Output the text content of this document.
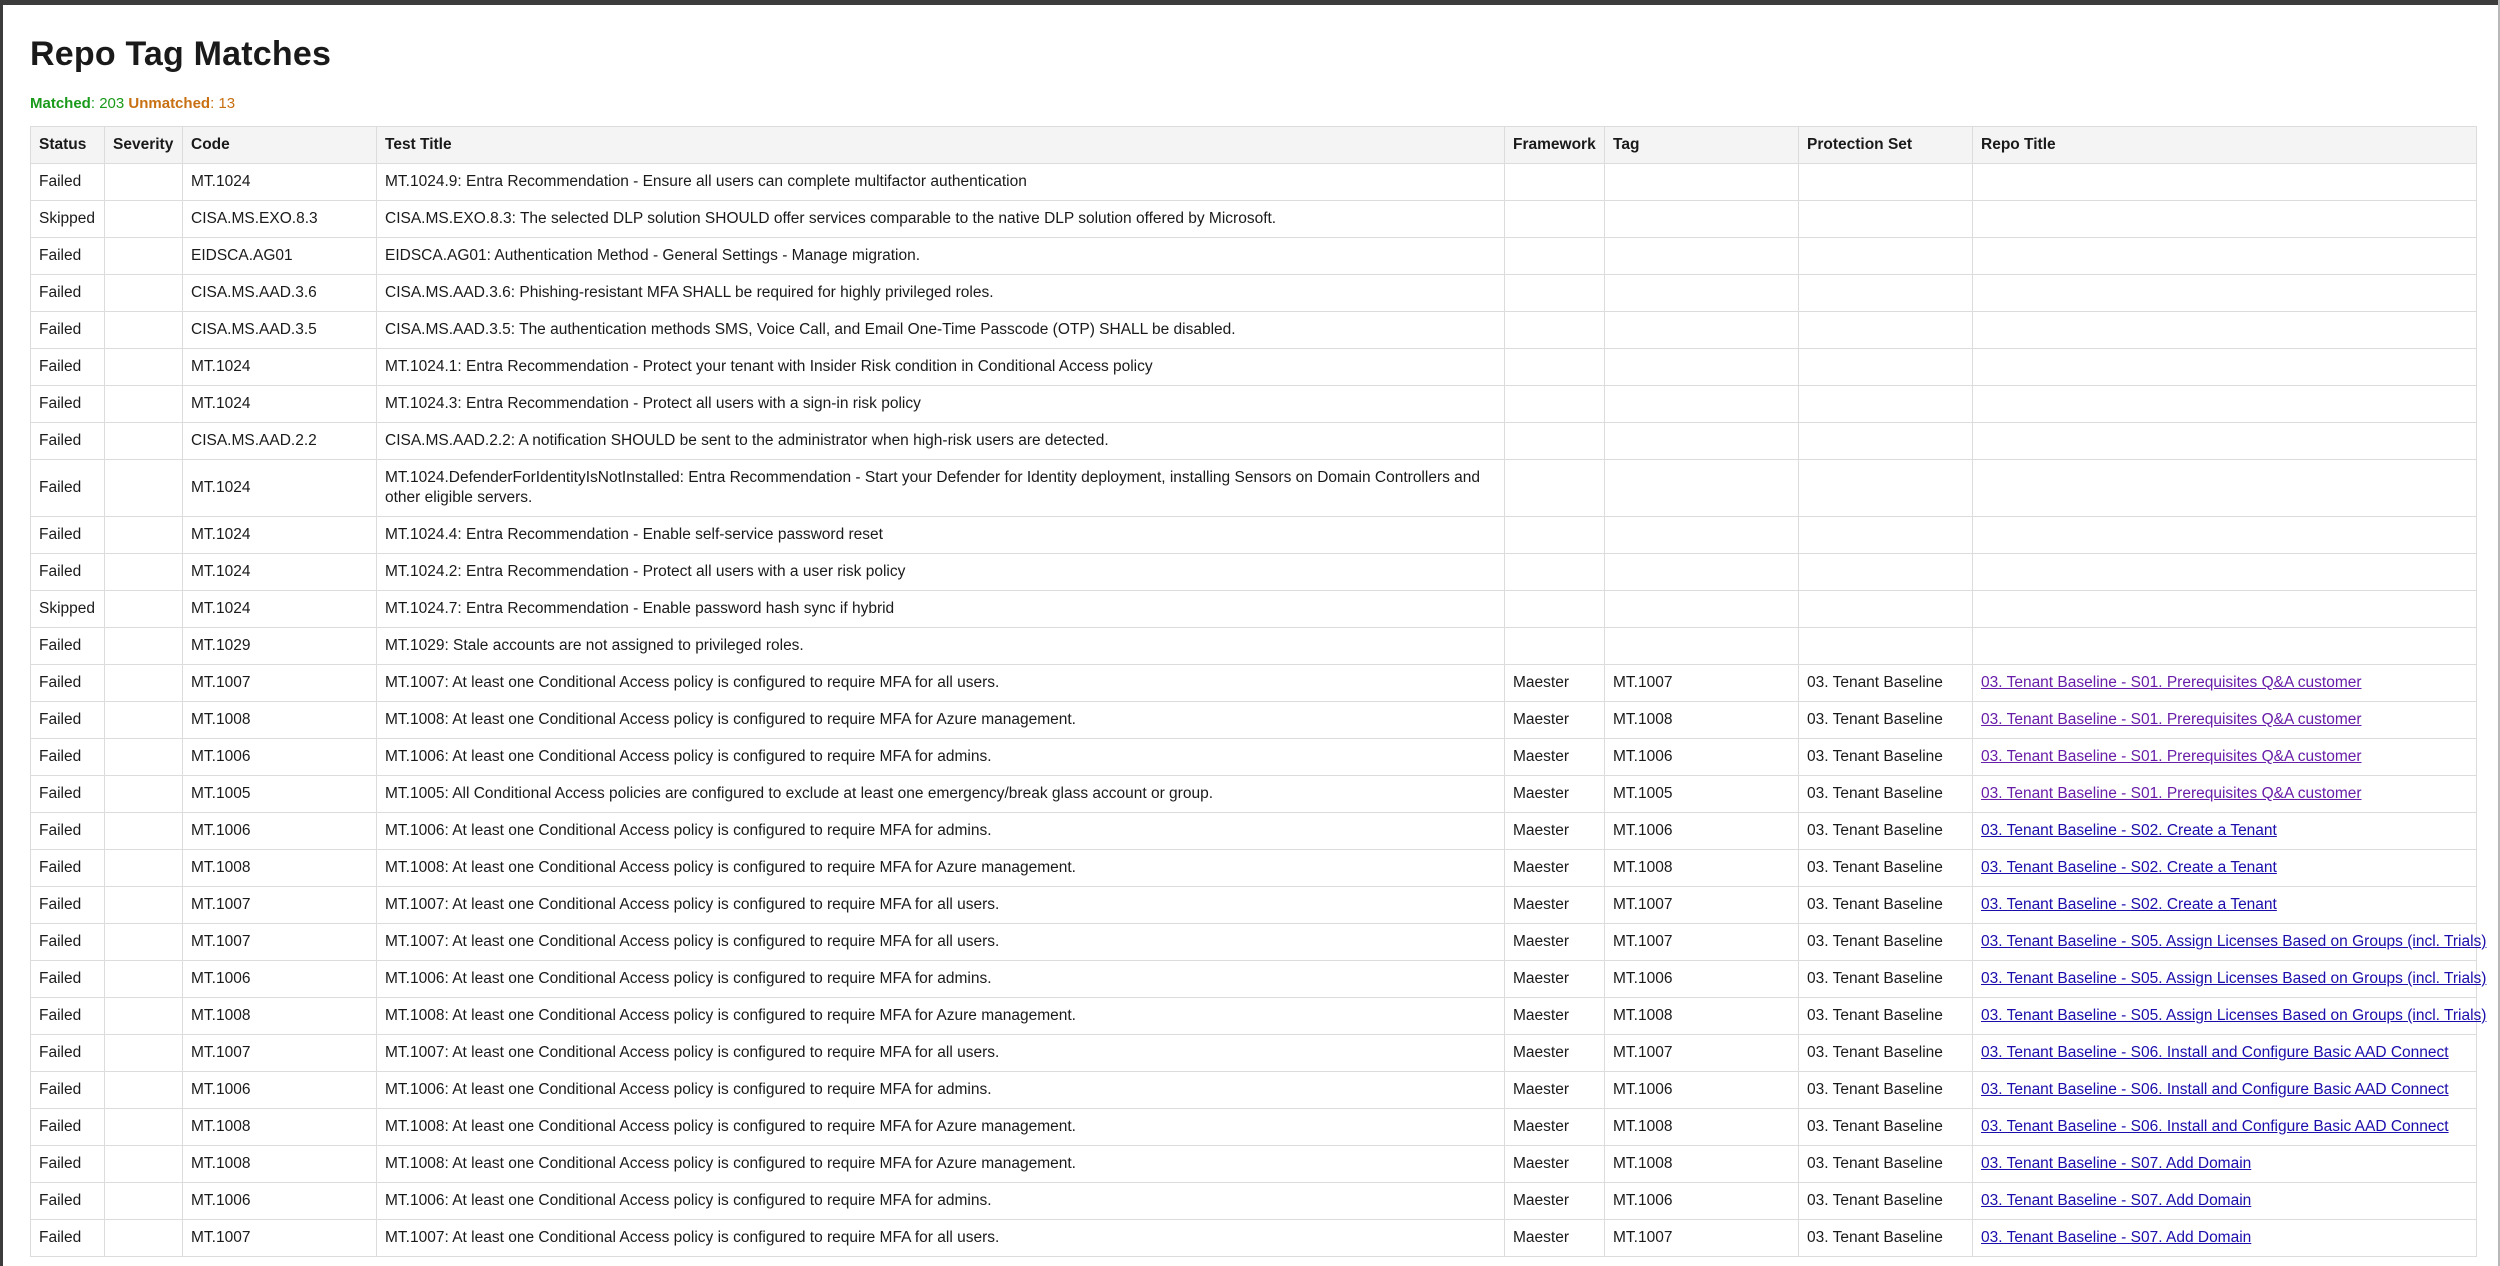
Repo Tag Matches
Matched: 203 Unmatched: 13
Status	Severity	Code	Test Title	Framework	Tag	Protection Set	Repo Title
Failed		MT.1024	MT.1024.9: Entra Recommendation - Ensure all users can complete multifactor authentication				
Skipped		CISA.MS.EXO.8.3	CISA.MS.EXO.8.3: The selected DLP solution SHOULD offer services comparable to the native DLP solution offered by Microsoft.				
Failed		EIDSCA.AG01	EIDSCA.AG01: Authentication Method - General Settings - Manage migration.				
Failed		CISA.MS.AAD.3.6	CISA.MS.AAD.3.6: Phishing-resistant MFA SHALL be required for highly privileged roles.				
Failed		CISA.MS.AAD.3.5	CISA.MS.AAD.3.5: The authentication methods SMS, Voice Call, and Email One-Time Passcode (OTP) SHALL be disabled.				
Failed		MT.1024	MT.1024.1: Entra Recommendation - Protect your tenant with Insider Risk condition in Conditional Access policy				
Failed		MT.1024	MT.1024.3: Entra Recommendation - Protect all users with a sign-in risk policy				
Failed		CISA.MS.AAD.2.2	CISA.MS.AAD.2.2: A notification SHOULD be sent to the administrator when high-risk users are detected.				
Failed		MT.1024	MT.1024.DefenderForIdentityIsNotInstalled: Entra Recommendation - Start your Defender for Identity deployment, installing Sensors on Domain Controllers and other eligible servers.				
Failed		MT.1024	MT.1024.4: Entra Recommendation - Enable self-service password reset				
Failed		MT.1024	MT.1024.2: Entra Recommendation - Protect all users with a user risk policy				
Skipped		MT.1024	MT.1024.7: Entra Recommendation - Enable password hash sync if hybrid				
Failed		MT.1029	MT.1029: Stale accounts are not assigned to privileged roles.				
Failed		MT.1007	MT.1007: At least one Conditional Access policy is configured to require MFA for all users.	Maester	MT.1007	03. Tenant Baseline	03. Tenant Baseline - S01. Prerequisites Q&A customer
Failed		MT.1008	MT.1008: At least one Conditional Access policy is configured to require MFA for Azure management.	Maester	MT.1008	03. Tenant Baseline	03. Tenant Baseline - S01. Prerequisites Q&A customer
Failed		MT.1006	MT.1006: At least one Conditional Access policy is configured to require MFA for admins.	Maester	MT.1006	03. Tenant Baseline	03. Tenant Baseline - S01. Prerequisites Q&A customer
Failed		MT.1005	MT.1005: All Conditional Access policies are configured to exclude at least one emergency/break glass account or group.	Maester	MT.1005	03. Tenant Baseline	03. Tenant Baseline - S01. Prerequisites Q&A customer
Failed		MT.1006	MT.1006: At least one Conditional Access policy is configured to require MFA for admins.	Maester	MT.1006	03. Tenant Baseline	03. Tenant Baseline - S02. Create a Tenant
Failed		MT.1008	MT.1008: At least one Conditional Access policy is configured to require MFA for Azure management.	Maester	MT.1008	03. Tenant Baseline	03. Tenant Baseline - S02. Create a Tenant
Failed		MT.1007	MT.1007: At least one Conditional Access policy is configured to require MFA for all users.	Maester	MT.1007	03. Tenant Baseline	03. Tenant Baseline - S02. Create a Tenant
Failed		MT.1007	MT.1007: At least one Conditional Access policy is configured to require MFA for all users.	Maester	MT.1007	03. Tenant Baseline	03. Tenant Baseline - S05. Assign Licenses Based on Groups (incl. Trials)
Failed		MT.1006	MT.1006: At least one Conditional Access policy is configured to require MFA for admins.	Maester	MT.1006	03. Tenant Baseline	03. Tenant Baseline - S05. Assign Licenses Based on Groups (incl. Trials)
Failed		MT.1008	MT.1008: At least one Conditional Access policy is configured to require MFA for Azure management.	Maester	MT.1008	03. Tenant Baseline	03. Tenant Baseline - S05. Assign Licenses Based on Groups (incl. Trials)
Failed		MT.1007	MT.1007: At least one Conditional Access policy is configured to require MFA for all users.	Maester	MT.1007	03. Tenant Baseline	03. Tenant Baseline - S06. Install and Configure Basic AAD Connect
Failed		MT.1006	MT.1006: At least one Conditional Access policy is configured to require MFA for admins.	Maester	MT.1006	03. Tenant Baseline	03. Tenant Baseline - S06. Install and Configure Basic AAD Connect
Failed		MT.1008	MT.1008: At least one Conditional Access policy is configured to require MFA for Azure management.	Maester	MT.1008	03. Tenant Baseline	03. Tenant Baseline - S06. Install and Configure Basic AAD Connect
Failed		MT.1008	MT.1008: At least one Conditional Access policy is configured to require MFA for Azure management.	Maester	MT.1008	03. Tenant Baseline	03. Tenant Baseline - S07. Add Domain
Failed		MT.1006	MT.1006: At least one Conditional Access policy is configured to require MFA for admins.	Maester	MT.1006	03. Tenant Baseline	03. Tenant Baseline - S07. Add Domain
Failed		MT.1007	MT.1007: At least one Conditional Access policy is configured to require MFA for all users.	Maester	MT.1007	03. Tenant Baseline	03. Tenant Baseline - S07. Add Domain
